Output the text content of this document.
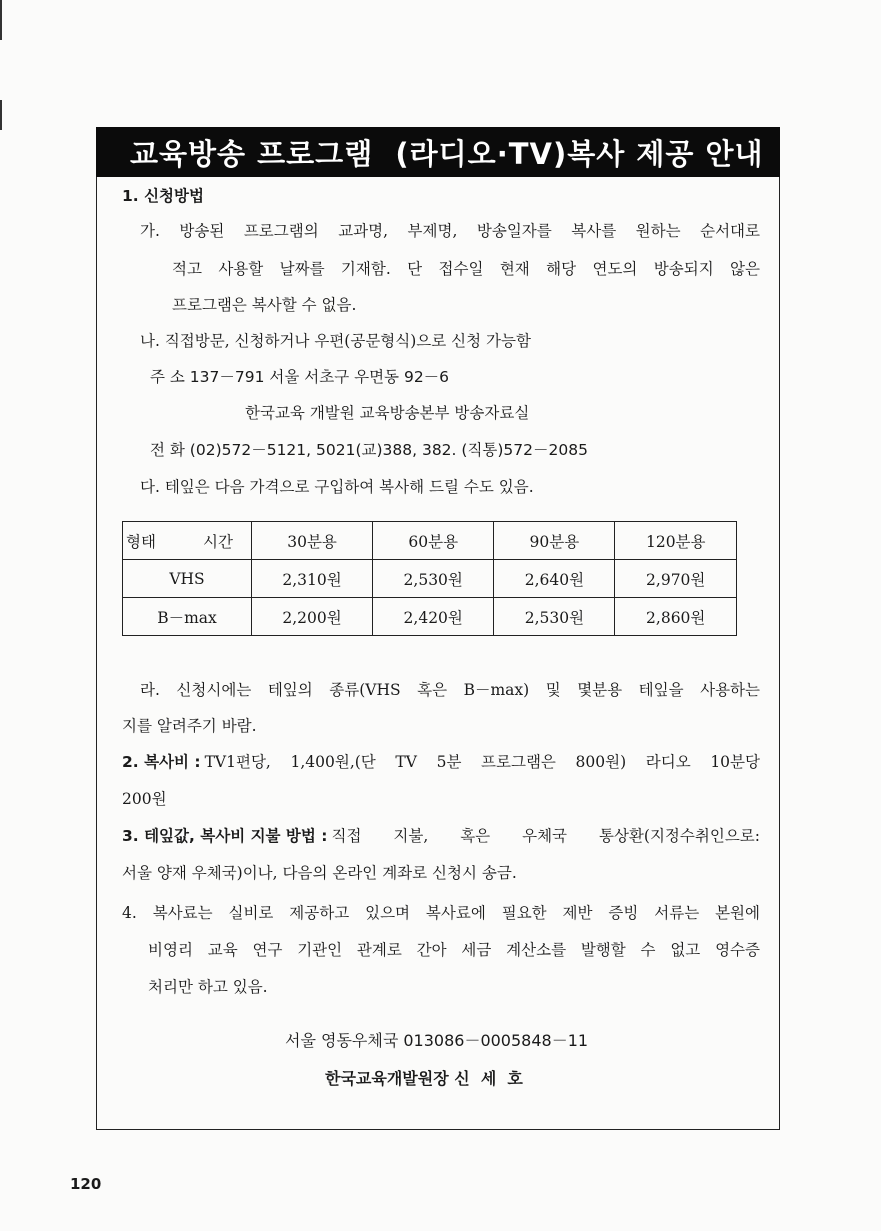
교육방송 프로그램  (라디오·TV)복사 제공 안내
1. 신청방법
가. 방송된 프로그램의 교과명, 부제명, 방송일자를 복사를 원하는 순서대로
적고 사용할 날짜를 기재함. 단 접수일 현재 해당 연도의 방송되지 않은
프로그램은 복사할 수 없음.
나. 직접방문, 신청하거나 우편(공문형식)으로 신청 가능함
주 소 137－791 서울 서초구 우면동 92－6
한국교육 개발원 교육방송본부 방송자료실
전 화 (02)572－5121, 5021(교)388, 382. (직통)572－2085
다. 테잎은 다음 가격으로 구입하여 복사해 드릴 수도 있음.
형태 시간	30분용	60분용	90분용	120분용
VHS	2,310원	2,530원	2,640원	2,970원
B－max	2,200원	2,420원	2,530원	2,860원
라. 신청시에는 테잎의 종류(VHS 혹은 B－max) 및 몇분용 테잎을 사용하는
지를 알려주기 바람.
2. 복사비 : TV1편당, 1,400원,(단 TV 5분 프로그램은 800원) 라디오 10분당
200원
3. 테잎값, 복사비 지불 방법 : 직접 지불, 혹은 우체국 통상환(지정수취인으로:
서울 양재 우체국)이나, 다음의 온라인 계좌로 신청시 송금.
4. 복사료는 실비로 제공하고 있으며 복사료에 필요한 제반 증빙 서류는 본원에
비영리 교육 연구 기관인 관계로 간아 세금 계산소를 발행할 수 없고 영수증
처리만 하고 있음.
서울 영동우체국 013086－0005848－11
한국교육개발원장 신  세  호
120
